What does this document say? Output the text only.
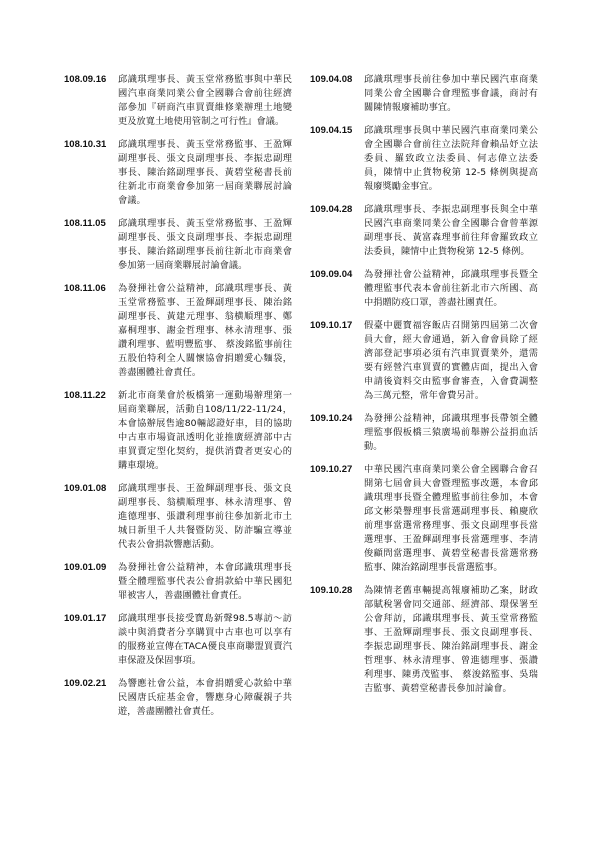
108.09.16	邱識琪理事長、黃玉堂常務監事與中華民國汽車商業同業公會全國聯合會前往經濟部參加『研商汽車買賣維修業辦理土地變更及放寬土地使用管制之可行性』會議。
108.10.31	邱識琪理事長、黃玉堂常務監事、王盈輝副理事長、張文良副理事長、李振忠副理事長、陳治銘副理事長、黃碧堂秘書長前往新北市商業會參加第一屆商業聯展討論會議。
108.11.05	邱識琪理事長、黃玉堂常務監事、王盈輝副理事長、張文良副理事長、李振忠副理事長、陳治銘副理事長前往新北市商業會參加第一屆商業聯展討論會議。
108.11.06	為發揮社會公益精神，邱識琪理事長、黃玉堂常務監事、王盈輝副理事長、陳治銘副理事長、黃建元理事、翁横順理事、鄭嘉桐理事、謝金哲理事、林永清理事、張讚利理事、藍明豐監事、 蔡浚銘監事前往五股伯特利全人關懷協會捐贈愛心麵袋，善盡團體社會責任。
108.11.22	新北市商業會於板橋第一運動場辦理第一屆商業聯展，活動自108/11/22-11/24，本會協辦展售逾80輛認證好車，目的協助中古車市場資訊透明化並推廣經濟部中古車買賣定型化契約，提供消費者更安心的購車環境。
109.01.08	邱識琪理事長、王盈輝副理事長、張文良副理事長、翁横順理事、林永清理事、曾進德理事、張讚利理事前往參加新北市土城日新里千人共餐暨防災、防詐騙宣導並代表公會捐款響應活動。
109.01.09	為發揮社會公益精神，本會邱識琪理事長暨全體理監事代表公會捐款給中華民國犯罪被害人，善盡團體社會責任。
109.01.17	邱識琪理事長接受寶島新聲98.5專訪～訪談中與消費者分享購買中古車也可以享有的服務並宣傳在TACA優良車商聯盟買賣汽車保證及保固事項。
109.02.21	為響應社會公益，本會捐贈愛心款給中華民國唐氏症基金會，響應身心障礙親子共遊，善盡團體社會責任。
109.04.08	邱識琪理事長前往參加中華民國汽車商業同業公會全國聯合會理監事會議，商討有關陳情報廢補助事宜。
109.04.15	邱識琪理事長與中華民國汽車商業同業公會全國聯合會前往立法院拜會賴品妤立法委員、羅致政立法委員、何志偉立法委員，陳情中止貨物稅第 12-5 條例與提高報廢獎勵金事宜。
109.04.28	邱識琪理事長、李振忠副理事長與全中華民國汽車商業同業公會全國聯合會曾華源副理事長、黃富森理事前往拜會羅致政立法委員，陳情中止貨物稅第 12-5 條例。
109.09.04	為發揮社會公益精神，邱識琪理事長暨全體理監事代表本會前往新北市六所國、高中捐贈防疫口罩，善盡社團責任。
109.10.17	假臺中麗寶福容飯店召開第四屆第二次會員大會，經大會通過，新入會會員除了經濟部登記事項必須有汽車買賣業外，還需要有經營汽車買賣的實體店面，提出入會申請後資料交由監事會審查，入會費調整為三萬元整，常年會費另計。
109.10.24	為發揮公益精神，邱識琪理事長帶領全體理監事假板橋三猿廣場前舉辦公益捐血活動。
109.10.27	中華民國汽車商業同業公會全國聯合會召開第七屆會員大會暨理監事改選，本會邱識琪理事長暨全體理監事前往參加，本會邱文彬榮譽理事長當選副理事長、賴慶欣前理事當選常務理事、張文良副理事長當選理事、王盈輝副理事長當選理事、李清俊顧問當選理事、黃碧堂秘書長當選常務監事、陳治銘副理事長當選監事。
109.10.28	為陳情老舊車輛提高報廢補助乙案，財政部賦稅署會同交通部、經濟部、環保署至公會拜訪，邱識琪理事長、黃玉堂常務監事、王盈輝副理事長、張文良副理事長、李振忠副理事長、陳治銘副理事長、謝金哲理事、林永清理事、曾進德理事、張讚利理事、陳勇茂監事、 蔡浚銘監事、吳瑞吉監事、黃碧堂秘書長參加討論會。
